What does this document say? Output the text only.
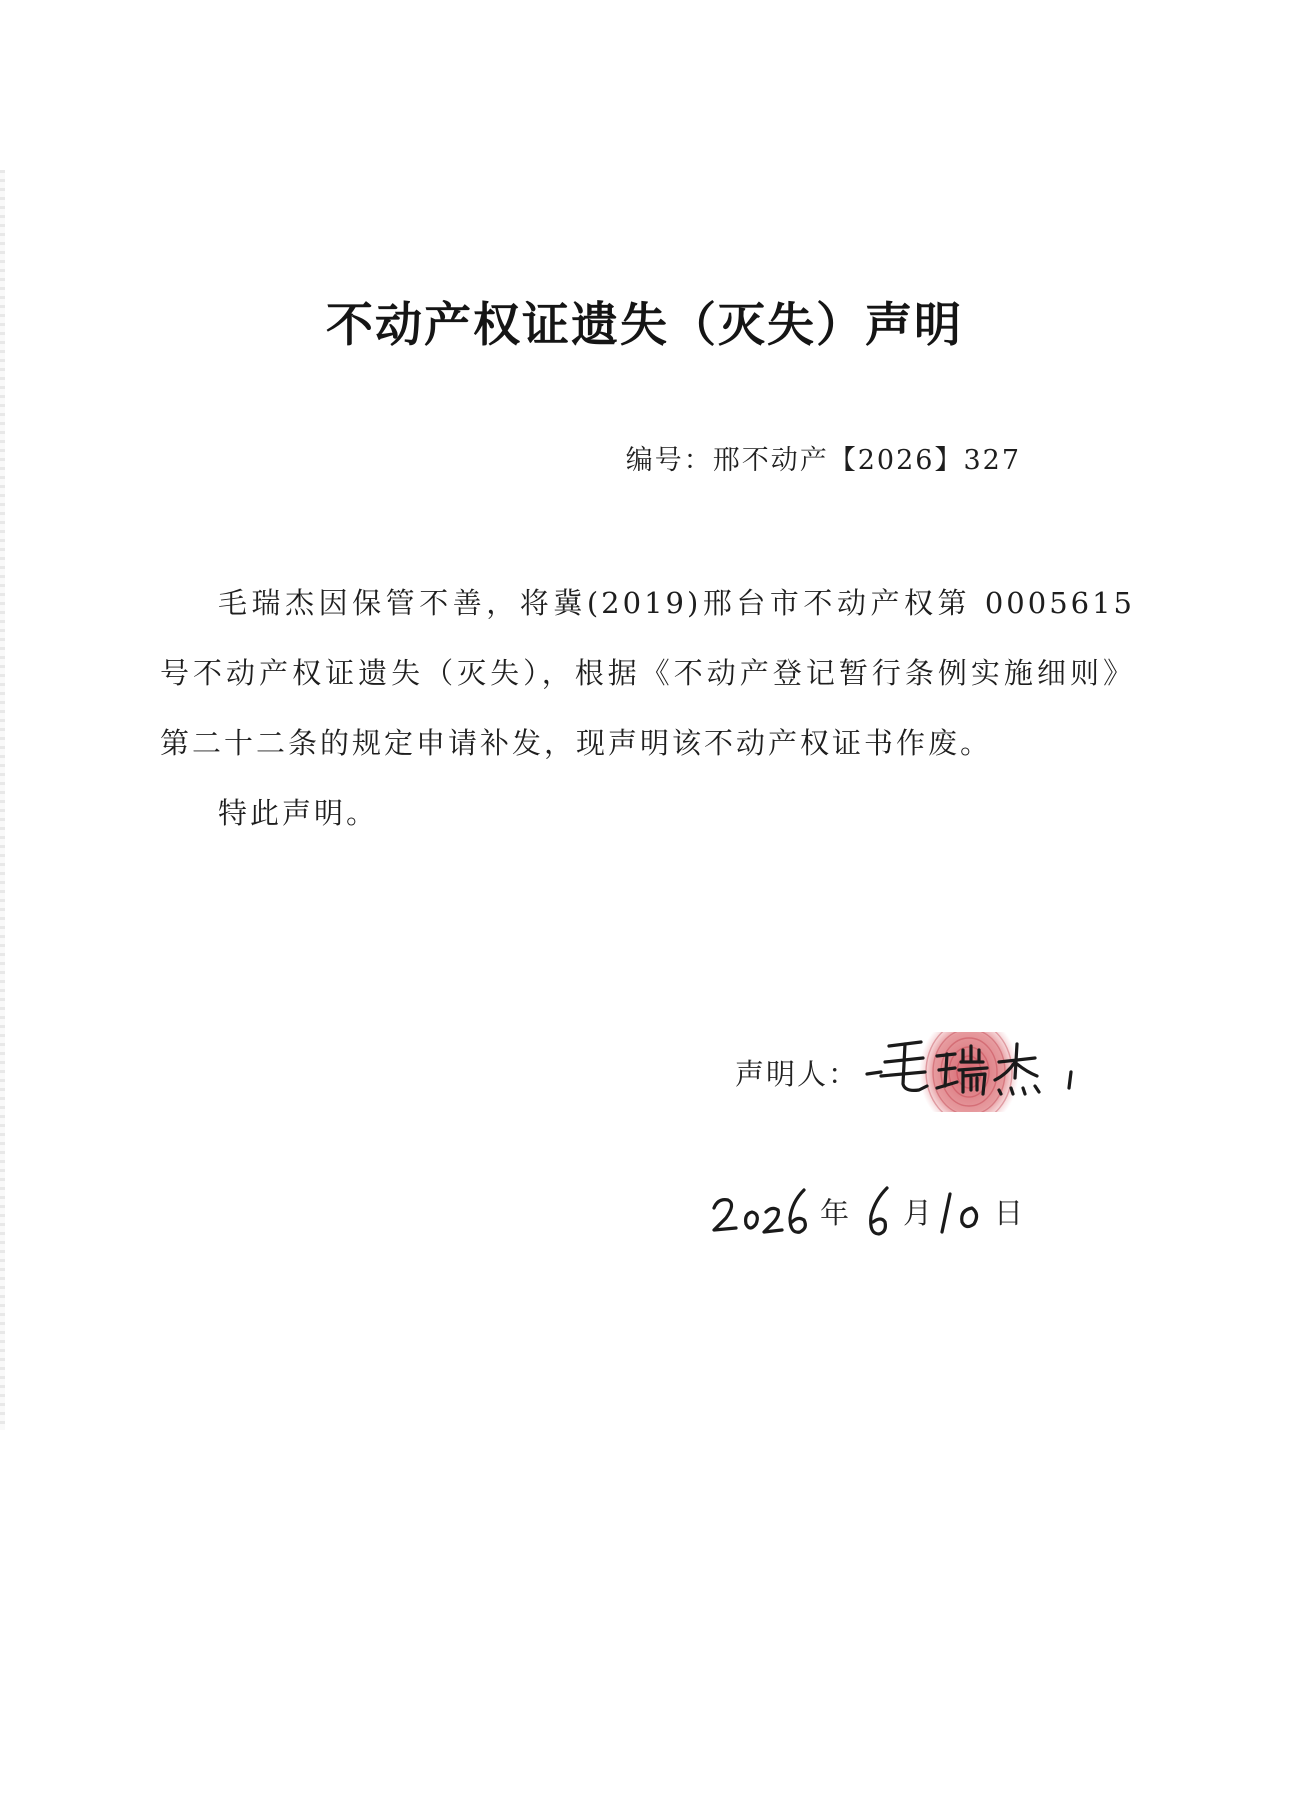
不动产权证遗失（灭失）声明
编号：邢不动产【2026】327

毛瑞杰因保管不善，将冀(2019)邢台市不动产权第 0005615 号不动产权证遗失（灭失），根据《不动产登记暂行条例实施细则》第二十二条的规定申请补发，现声明该不动产权证书作废。

特此声明。

声明人：
年 月 日
